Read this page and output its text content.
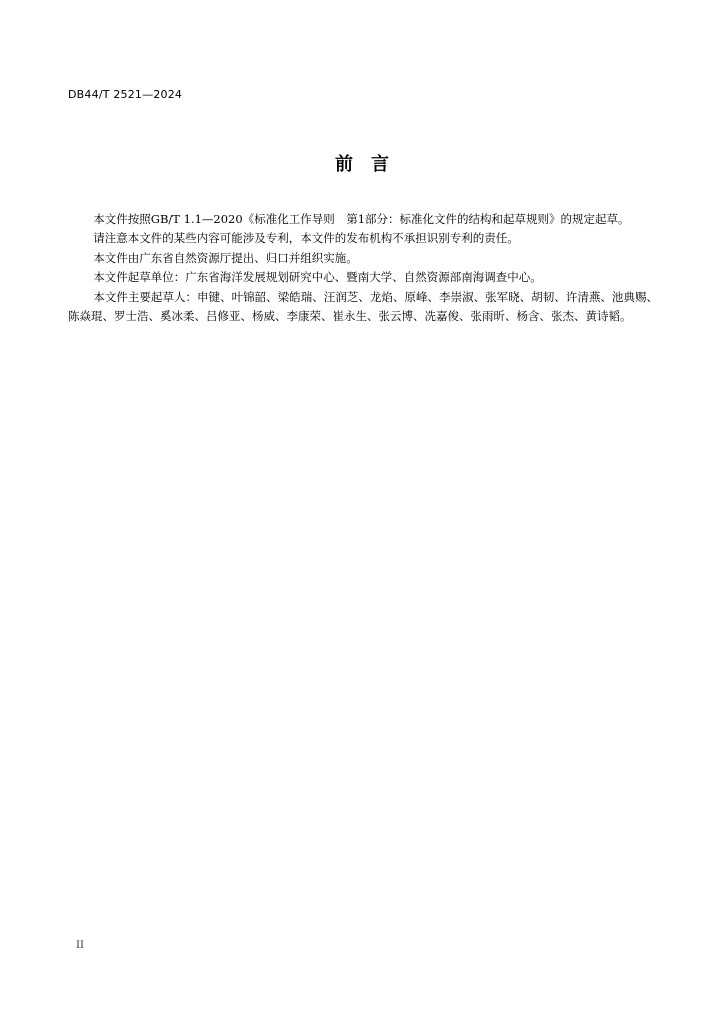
DB44/T 2521—2024
前　言

本文件按照GB/T 1.1—2020《标准化工作导则　第1部分：标准化文件的结构和起草规则》的规定起草。

请注意本文件的某些内容可能涉及专利，本文件的发布机构不承担识别专利的责任。

本文件由广东省自然资源厅提出、归口并组织实施。

本文件起草单位：广东省海洋发展规划研究中心、暨南大学、自然资源部南海调查中心。

本文件主要起草人：申键、叶锦韶、梁皓瑞、汪润芝、龙焰、原峰、李崇淑、张军晓、胡韧、许清燕、池典赐、陈焱琨、罗士浩、奚冰柔、吕修亚、杨威、李康荣、崔永生、张云博、冼嘉俊、张雨昕、杨含、张杰、黄诗韬。

II
